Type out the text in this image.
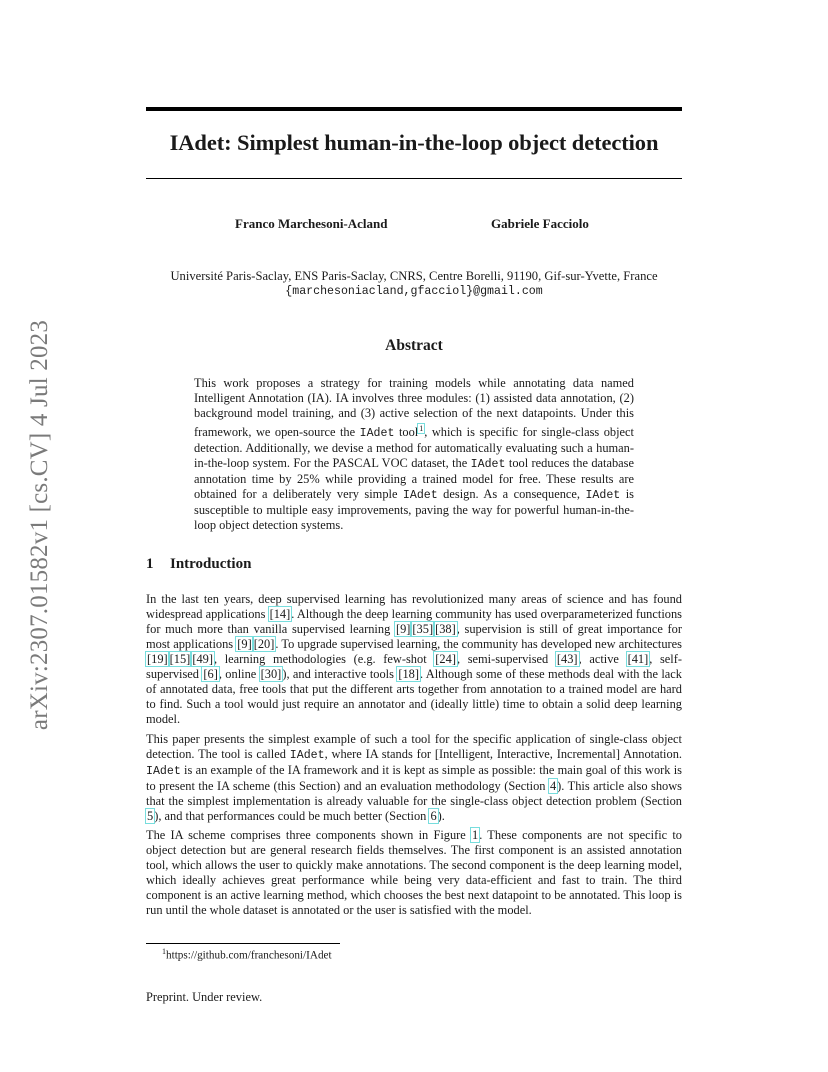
arXiv:2307.01582v1 [cs.CV] 4 Jul 2023
IAdet: Simplest human-in-the-loop object detection
Franco Marchesoni-Acland	Gabriele Facciolo
Université Paris-Saclay, ENS Paris-Saclay, CNRS, Centre Borelli, 91190, Gif-sur-Yvette, France
{marchesoniacland,gfacciol}@gmail.com
Abstract
This work proposes a strategy for training models while annotating data named Intelligent Annotation (IA). IA involves three modules: (1) assisted data annotation, (2) background model training, and (3) active selection of the next datapoints. Under this framework, we open-source the IAdet tool$^1$, which is specific for single-class object detection. Additionally, we devise a method for automatically evaluating such a human-in-the-loop system. For the PASCAL VOC dataset, the IAdet tool reduces the database annotation time by 25% while providing a trained model for free. These results are obtained for a deliberately very simple IAdet design. As a consequence, IAdet is susceptible to multiple easy improvements, paving the way for powerful human-in-the-loop object detection systems.
1 Introduction

In the last ten years, deep supervised learning has revolutionized many areas of science and has found widespread applications [14]. Although the deep learning community has used overparameterized functions for much more than vanilla supervised learning [9] [35] [38], supervision is still of great importance for most applications [9] [20]. To upgrade supervised learning, the community has developed new architectures [19] [15] [49], learning methodologies (e.g. few-shot [24], semi-supervised [43], active [41], self-supervised [6], online [30]), and interactive tools [18]. Although some of these methods deal with the lack of annotated data, free tools that put the different arts together from annotation to a trained model are hard to find. Such a tool would just require an annotator and (ideally little) time to obtain a solid deep learning model.

This paper presents the simplest example of such a tool for the specific application of single-class object detection. The tool is called IAdet, where IA stands for [Intelligent, Interactive, Incremental] Annotation. IAdet is an example of the IA framework and it is kept as simple as possible: the main goal of this work is to present the IA scheme (this Section) and an evaluation methodology (Section 4). This article also shows that the simplest implementation is already valuable for the single-class object detection problem (Section 5), and that performances could be much better (Section 6).

The IA scheme comprises three components shown in Figure 1. These components are not specific to object detection but are general research fields themselves. The first component is an assisted annotation tool, which allows the user to quickly make annotations. The second component is the deep learning model, which ideally achieves great performance while being very data-efficient and fast to train. The third component is an active learning method, which chooses the best next datapoint to be annotated. This loop is run until the whole dataset is annotated or the user is satisfied with the model.

$^1$https://github.com/franchesoni/IAdet
Preprint. Under review.
